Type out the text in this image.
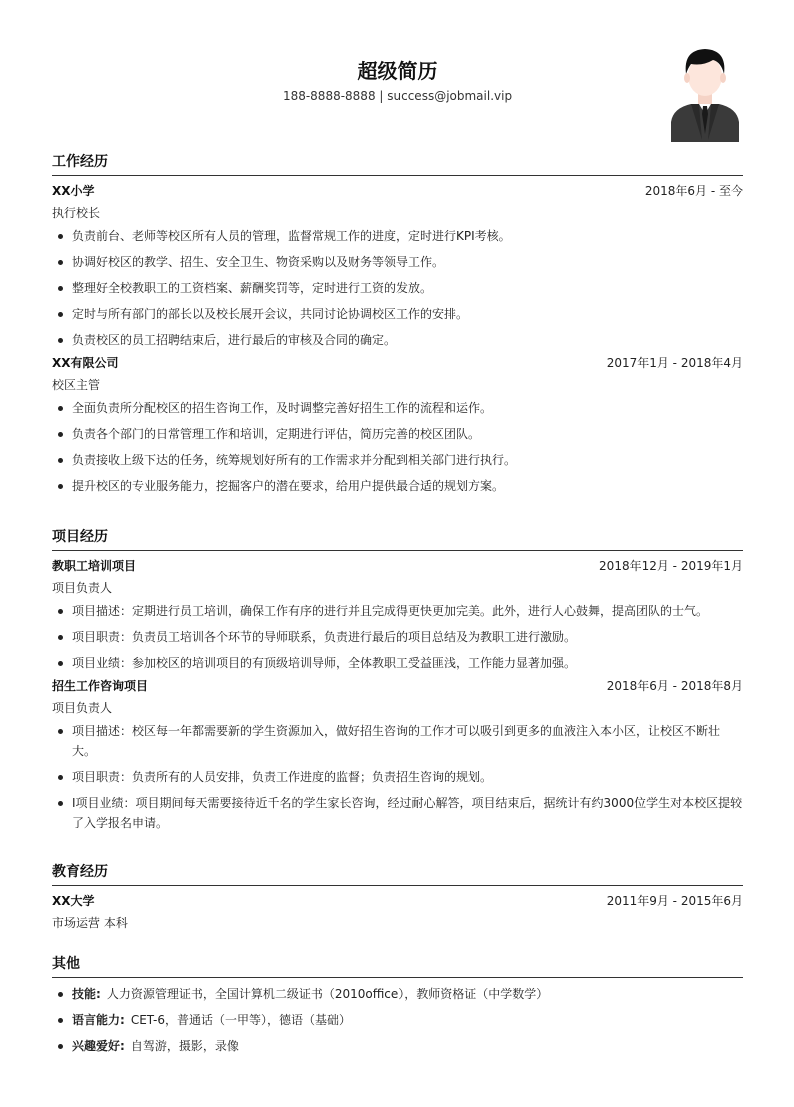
超级简历
188-8888-8888 | success@jobmail.vip
工作经历
XX小学	2018年6月 - 至今
执行校长
负责前台、老师等校区所有人员的管理，监督常规工作的进度，定时进行KPI考核。
协调好校区的教学、招生、安全卫生、物资采购以及财务等领导工作。
整理好全校教职工的工资档案、薪酬奖罚等，定时进行工资的发放。
定时与所有部门的部长以及校长展开会议，共同讨论协调校区工作的安排。
负责校区的员工招聘结束后，进行最后的审核及合同的确定。
XX有限公司	2017年1月 - 2018年4月
校区主管
全面负责所分配校区的招生咨询工作，及时调整完善好招生工作的流程和运作。
负责各个部门的日常管理工作和培训，定期进行评估，简历完善的校区团队。
负责接收上级下达的任务，统筹规划好所有的工作需求并分配到相关部门进行执行。
提升校区的专业服务能力，挖掘客户的潜在要求，给用户提供最合适的规划方案。
项目经历
教职工培训项目	2018年12月 - 2019年1月
项目负责人
项目描述：定期进行员工培训，确保工作有序的进行并且完成得更快更加完美。此外，进行人心鼓舞，提高团队的士气。
项目职责：负责员工培训各个环节的导师联系，负责进行最后的项目总结及为教职工进行激励。
项目业绩：参加校区的培训项目的有顶级培训导师，全体教职工受益匪浅，工作能力显著加强。
招生工作咨询项目	2018年6月 - 2018年8月
项目负责人
项目描述：校区每一年都需要新的学生资源加入，做好招生咨询的工作才可以吸引到更多的血液注入本小区，让校区不断壮大。
项目职责：负责所有的人员安排，负责工作进度的监督；负责招生咨询的规划。
I项目业绩：项目期间每天需要接待近千名的学生家长咨询，经过耐心解答，项目结束后，据统计有约3000位学生对本校区提较了入学报名申请。
教育经历
XX大学	2011年9月 - 2015年6月
市场运营 本科
其他
技能: 人力资源管理证书，全国计算机二级证书（2010office），教师资格证（中学数学）
语言能力: CET-6，普通话（一甲等），德语（基础）
兴趣爱好: 自驾游，摄影，录像
